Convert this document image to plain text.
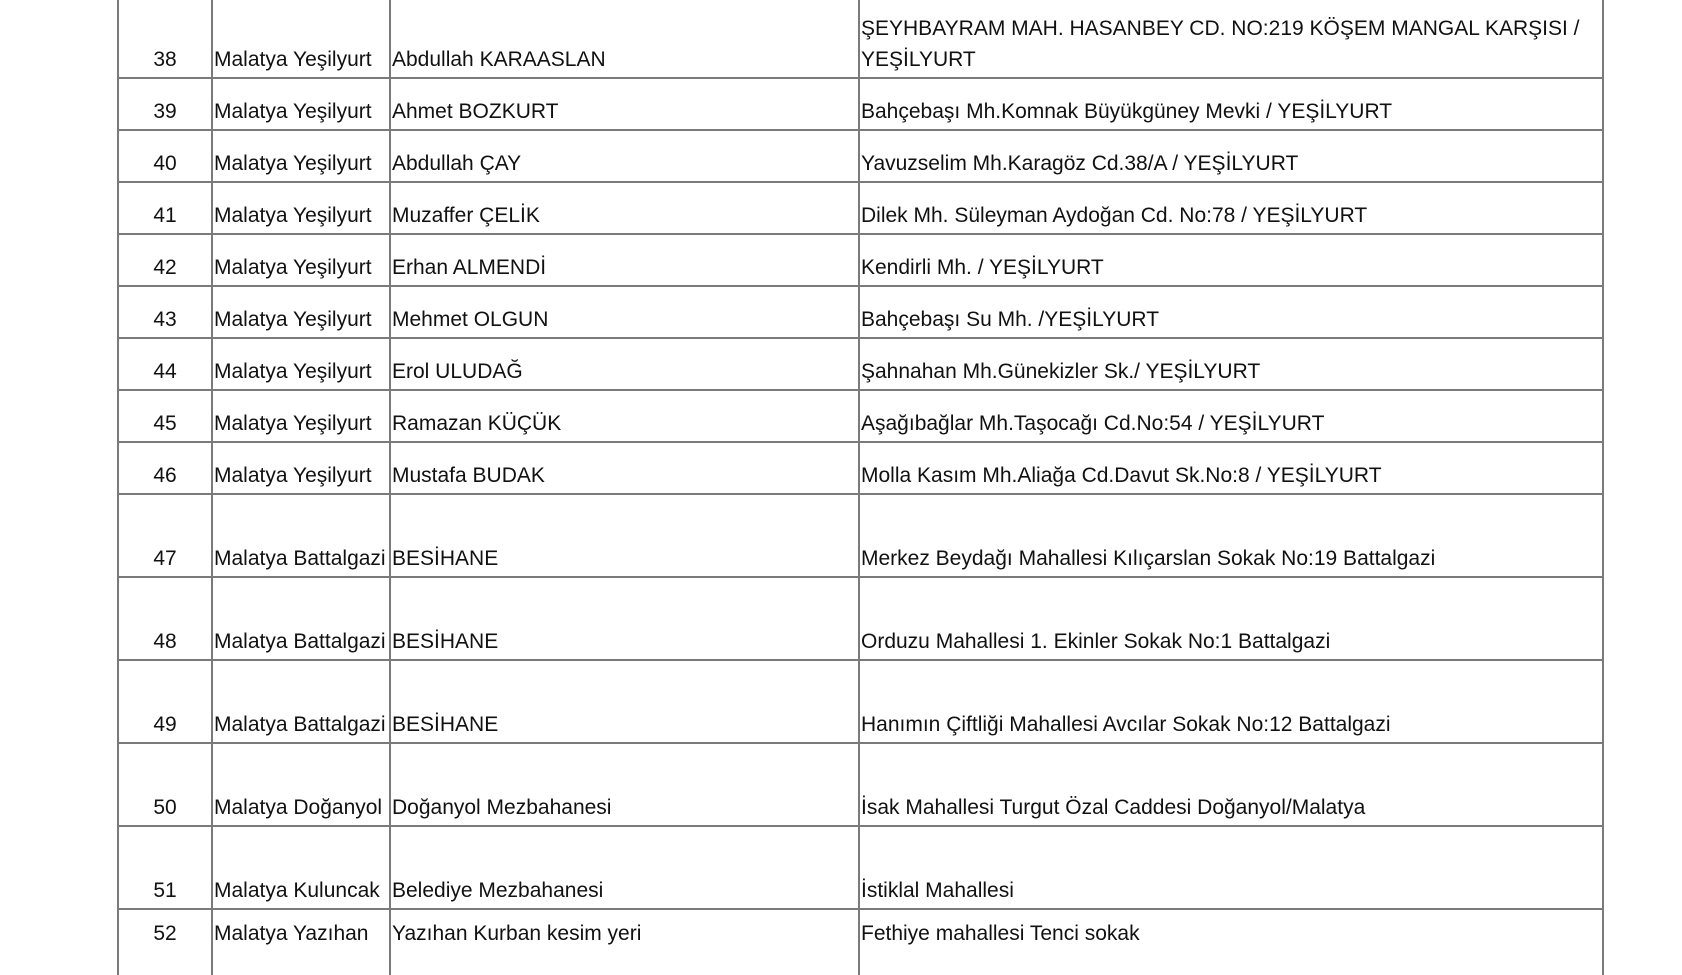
38	Malatya Yeşilyurt	Abdullah KARAASLAN	ŞEYHBAYRAM MAH. HASANBEY CD. NO:219 KÖŞEM MANGAL KARŞISI / YEŞİLYURT
39	Malatya Yeşilyurt	Ahmet BOZKURT	Bahçebaşı Mh.Komnak Büyükgüney Mevki / YEŞİLYURT
40	Malatya Yeşilyurt	Abdullah ÇAY	Yavuzselim Mh.Karagöz Cd.38/A / YEŞİLYURT
41	Malatya Yeşilyurt	Muzaffer ÇELİK	Dilek Mh. Süleyman Aydoğan Cd. No:78 / YEŞİLYURT
42	Malatya Yeşilyurt	Erhan ALMENDİ	Kendirli Mh. / YEŞİLYURT
43	Malatya Yeşilyurt	Mehmet OLGUN	Bahçebaşı Su Mh. /YEŞİLYURT
44	Malatya Yeşilyurt	Erol ULUDAĞ	Şahnahan Mh.Günekizler Sk./ YEŞİLYURT
45	Malatya Yeşilyurt	Ramazan KÜÇÜK	Aşağıbağlar Mh.Taşocağı Cd.No:54 / YEŞİLYURT
46	Malatya Yeşilyurt	Mustafa BUDAK	Molla Kasım Mh.Aliağa Cd.Davut Sk.No:8 / YEŞİLYURT
47	Malatya Battalgazi	BESİHANE	Merkez Beydağı Mahallesi Kılıçarslan Sokak No:19 Battalgazi
48	Malatya Battalgazi	BESİHANE	Orduzu Mahallesi 1. Ekinler Sokak No:1 Battalgazi
49	Malatya Battalgazi	BESİHANE	Hanımın Çiftliği Mahallesi Avcılar Sokak No:12 Battalgazi
50	Malatya Doğanyol	Doğanyol Mezbahanesi	İsak Mahallesi Turgut Özal Caddesi Doğanyol/Malatya
51	Malatya Kuluncak	Belediye Mezbahanesi	İstiklal Mahallesi
52	Malatya Yazıhan	Yazıhan Kurban kesim yeri	Fethiye mahallesi Tenci sokak
